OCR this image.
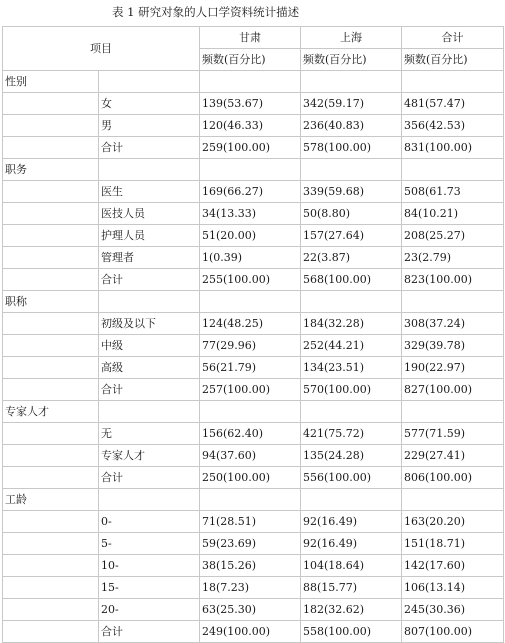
表 1 研究对象的人口学资料统计描述
项目		甘肃	上海	合计
		频数(百分比)	频数(百分比)	频数(百分比)
性别				
	女	139(53.67)	342(59.17)	481(57.47)
	男	120(46.33)	236(40.83)	356(42.53)
	合计	259(100.00)	578(100.00)	831(100.00)
职务				
	医生	169(66.27)	339(59.68)	508(61.73
	医技人员	34(13.33)	50(8.80)	84(10.21)
	护理人员	51(20.00)	157(27.64)	208(25.27)
	管理者	1(0.39)	22(3.87)	23(2.79)
	合计	255(100.00)	568(100.00)	823(100.00)
职称				
	初级及以下	124(48.25)	184(32.28)	308(37.24)
	中级	77(29.96)	252(44.21)	329(39.78)
	高级	56(21.79)	134(23.51)	190(22.97)
	合计	257(100.00)	570(100.00)	827(100.00)
专家人才				
	无	156(62.40)	421(75.72)	577(71.59)
	专家人才	94(37.60)	135(24.28)	229(27.41)
	合计	250(100.00)	556(100.00)	806(100.00)
工龄				
	0-	71(28.51)	92(16.49)	163(20.20)
	5-	59(23.69)	92(16.49)	151(18.71)
	10-	38(15.26)	104(18.64)	142(17.60)
	15-	18(7.23)	88(15.77)	106(13.14)
	20-	63(25.30)	182(32.62)	245(30.36)
	合计	249(100.00)	558(100.00)	807(100.00)
